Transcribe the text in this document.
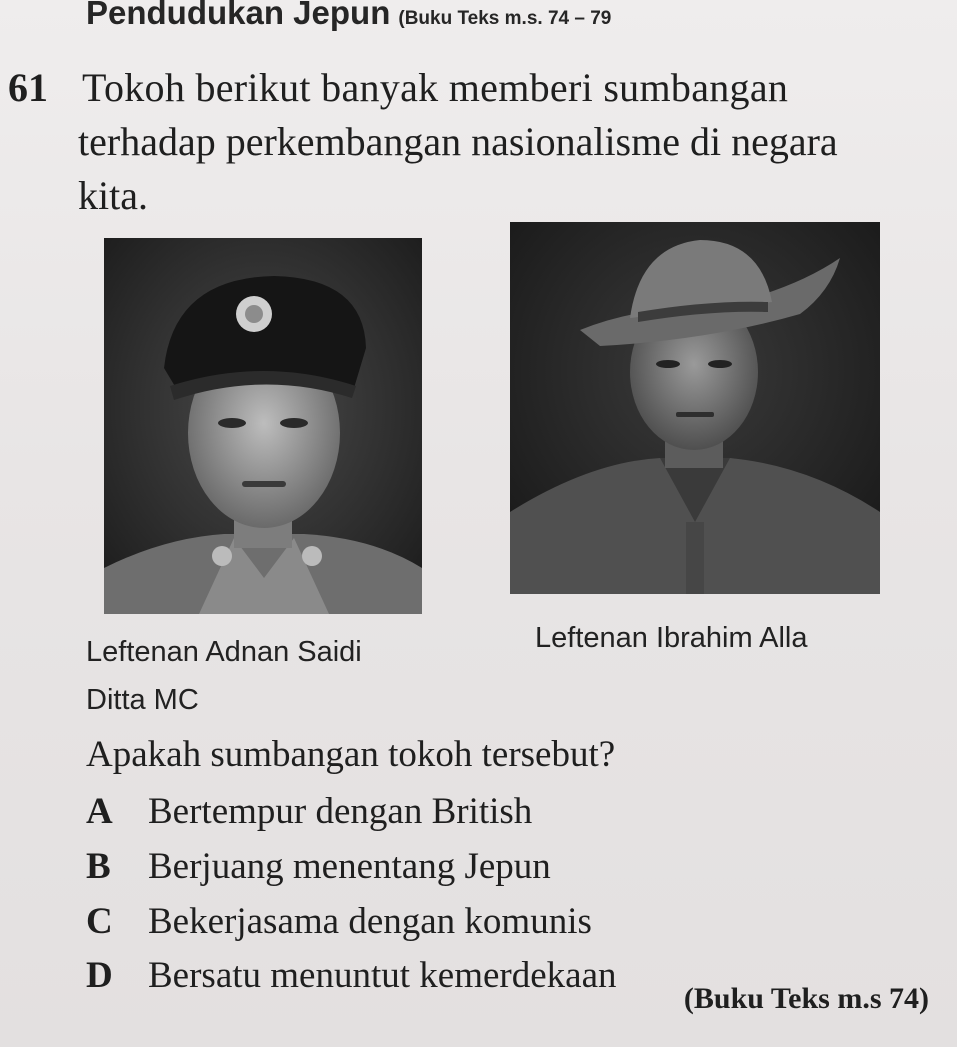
Pendudukan Jepun (Buku Teks m.s. 74 – 79
61 Tokoh berikut banyak memberi sumbangan
terhadap perkembangan nasionalisme di negara
kita.
Leftenan Adnan Saidi	Leftenan Ibrahim Alla
Ditta MC
Apakah sumbangan tokoh tersebut?
A Bertempur dengan British
B Berjuang menentang Jepun
C Bekerjasama dengan komunis
D Bersatu menuntut kemerdekaan
(Buku Teks m.s 74)
